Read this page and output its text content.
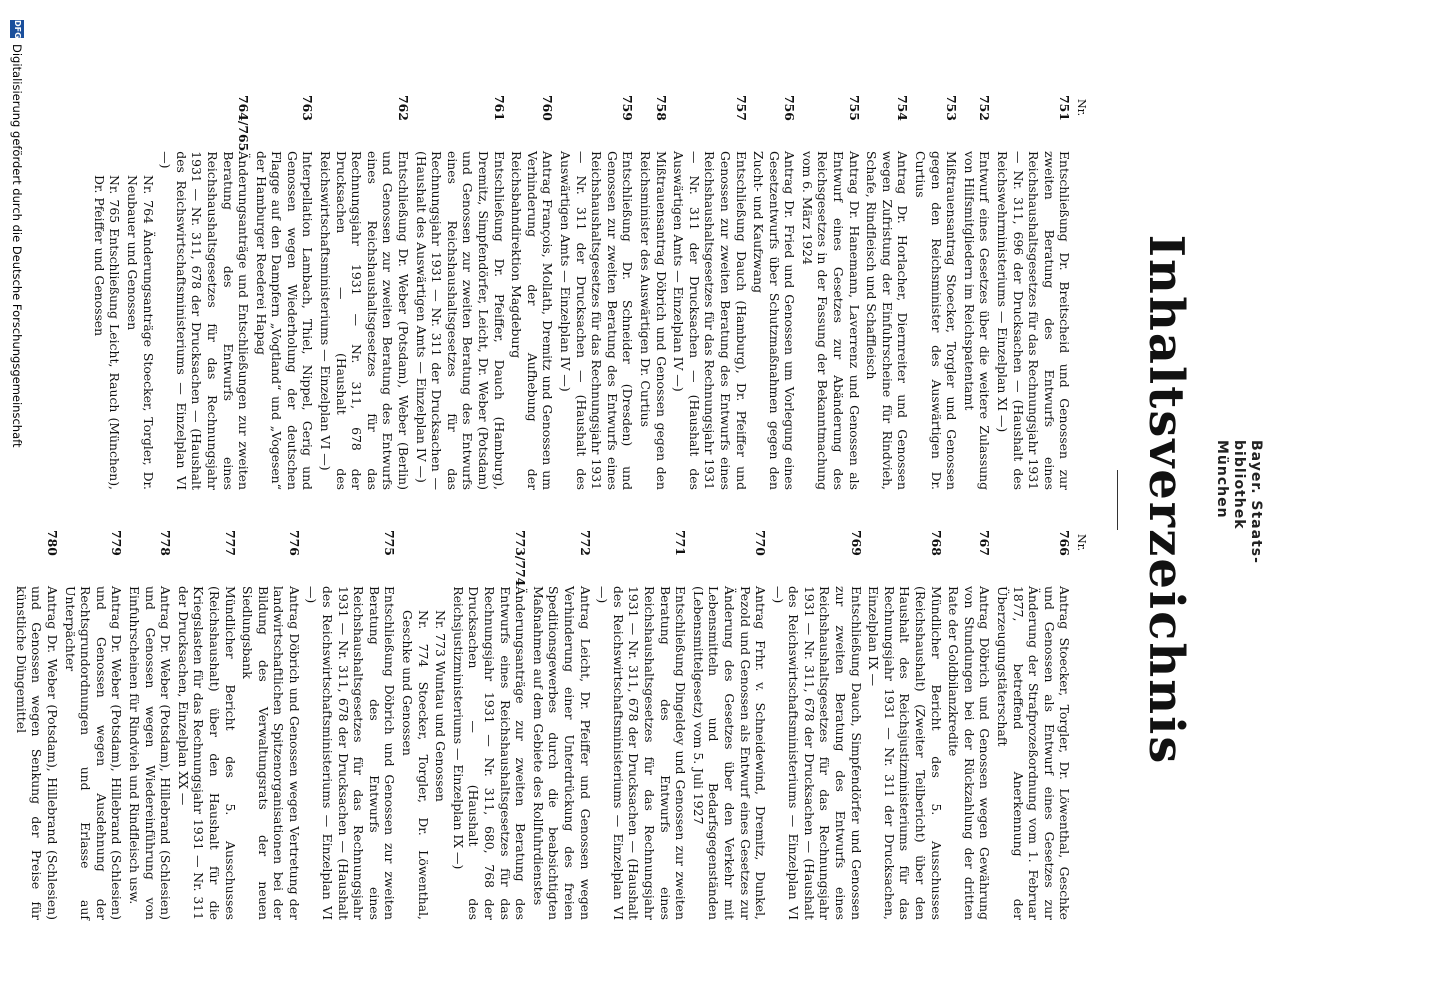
Bayer. Staats-
bibliothek
München
Inhaltsverzeichnis
Nr.
751
Entschließung Dr. Breitscheid und Genossen zur zweiten Beratung des Entwurfs eines Reichshaushaltsgesetzes für das Rechnungsjahr 1931 — Nr. 311, 696 der Drucksachen — (Haushalt des Reichswehrministeriums — Einzelplan XI —)
752
Entwurf eines Gesetzes über die weitere Zulassung von Hilfsmitgliedern im Reichspatentamt
753
Mißtrauensantrag Stoecker, Torgler und Genossen gegen den Reichsminister des Auswärtigen Dr. Curtius
754
Antrag Dr. Horlacher, Diernreiter und Genossen wegen Zufristung der Einfuhrscheine für Rindvieh, Schafe, Rindfleisch und Schaffleisch
755
Antrag Dr. Hanemann, Laverrenz und Genossen als Entwurf eines Gesetzes zur Abänderung des Reichsgesetzes in der Fassung der Bekanntmachung vom 6. März 1924
756
Antrag Dr. Fried und Genossen um Vorlegung eines Gesetzentwurfs über Schutzmaßnahmen gegen den Zucht- und Kaufzwang
757
Entschließung Dauch (Hamburg), Dr. Pfeiffer und Genossen zur zweiten Beratung des Entwurfs eines Reichshaushaltsgesetzes für das Rechnungsjahr 1931 — Nr. 311 der Drucksachen — (Haushalt des Auswärtigen Amts — Einzelplan IV —)
758
Mißtrauensantrag Döbrich und Genossen gegen den Reichsminister des Auswärtigen Dr. Curtius
759
Entschließung Dr. Schneider (Dresden) und Genossen zur zweiten Beratung des Entwurfs eines Reichshaushaltsgesetzes für das Rechnungsjahr 1931 — Nr. 311 der Drucksachen — (Haushalt des Auswärtigen Amts — Einzelplan IV —)
760
Antrag François, Mollath, Dremitz und Genossen um Verhinderung der Aufhebung der Reichsbahndirektion Magdeburg
761
Entschließung Dr. Pfeiffer, Dauch (Hamburg), Dremitz, Simpfendörfer, Leicht, Dr. Weber (Potsdam) und Genossen zur zweiten Beratung des Entwurfs eines Reichshaushaltsgesetzes für das Rechnungsjahr 1931 — Nr. 311 der Drucksachen — (Haushalt des Auswärtigen Amts — Einzelplan IV —)
762
Entschließung Dr. Weber (Potsdam), Weber (Berlin) und Genossen zur zweiten Beratung des Entwurfs eines Reichshaushaltsgesetzes für das Rechnungsjahr 1931 — Nr. 311, 678 der Drucksachen — (Haushalt des Reichswirtschaftsministeriums — Einzelplan VI —)
763
Interpellation Lambach, Thiel, Nippel, Gerig und Genossen wegen Wiederholung der deutschen Flagge auf den Dampfern „Vogtland“ und „Vogesen“ der Hamburger Reederei Hapag
764/765
Änderungsanträge und Entschließungen zur zweiten Beratung des Entwurfs eines Reichshaushaltsgesetzes für das Rechnungsjahr 1931 — Nr. 311, 678 der Drucksachen — (Haushalt des Reichswirtschaftsministeriums — Einzelplan VI —)
Nr. 764 Änderungsanträge Stoecker, Torgler, Dr. Neubauer und Genossen
Nr. 765 Entschließung Leicht, Rauch (München), Dr. Pfeiffer und Genossen
Nr.
766
Antrag Stoecker, Torgler, Dr. Löwenthal, Geschke und Genossen als Entwurf eines Gesetzes zur Änderung der Strafprozeßordnung vom 1. Februar 1877, betreffend Anerkennung der Überzeugungstäterschaft
767
Antrag Döbrich und Genossen wegen Gewährung von Stundungen bei der Rückzahlung der dritten Rate der Goldbilanzkredite
768
Mündlicher Bericht des 5. Ausschusses (Reichshaushalt) (Zweiter Teilbericht) über den Haushalt des Reichsjustizministeriums für das Rechnungsjahr 1931 — Nr. 311 der Drucksachen, Einzelplan IX —
769
Entschließung Dauch, Simpfendörfer und Genossen zur zweiten Beratung des Entwurfs eines Reichshaushaltsgesetzes für das Rechnungsjahr 1931 — Nr. 311, 678 der Drucksachen — (Haushalt des Reichswirtschaftsministeriums — Einzelplan VI —)
770
Antrag Frhr. v. Schneidewind, Dremitz, Dunkel, Pezold und Genossen als Entwurf eines Gesetzes zur Änderung des Gesetzes über den Verkehr mit Lebensmitteln und Bedarfsgegenständen (Lebensmittelgesetz) vom 5. Juli 1927
771
Entschließung Dingeldey und Genossen zur zweiten Beratung des Entwurfs eines Reichshaushaltsgesetzes für das Rechnungsjahr 1931 — Nr. 311, 678 der Drucksachen — (Haushalt des Reichswirtschaftsministeriums — Einzelplan VI —)
772
Antrag Leicht, Dr. Pfeiffer und Genossen wegen Verhinderung einer Unterdrückung des freien Speditionsgewerbes durch die beabsichtigten Maßnahmen auf dem Gebiete des Rollfuhrdienstes
773/774
Änderungsanträge zur zweiten Beratung des Entwurfs eines Reichshaushaltsgesetzes für das Rechnungsjahr 1931 — Nr. 311, 680, 768 der Drucksachen — (Haushalt des Reichsjustizministeriums — Einzelplan IX —)
Nr. 773 Wuntau und Genossen
Nr. 774 Stoecker, Torgler, Dr. Löwenthal, Geschke und Genossen
775
Entschließung Döbrich und Genossen zur zweiten Beratung des Entwurfs eines Reichshaushaltsgesetzes für das Rechnungsjahr 1931 — Nr. 311, 678 der Drucksachen — (Haushalt des Reichswirtschaftsministeriums — Einzelplan VI —)
776
Antrag Döbrich und Genossen wegen Vertretung der landwirtschaftlichen Spitzenorganisationen bei der Bildung des Verwaltungsrats der neuen Siedlungsbank
777
Mündlicher Bericht des 5. Ausschusses (Reichshaushalt) über den Haushalt für die Kriegslasten für das Rechnungsjahr 1931 — Nr. 311 der Drucksachen, Einzelplan XX —
778
Antrag Dr. Weber (Potsdam), Hillebrand (Schlesien) und Genossen wegen Wiedereinführung von Einfuhrscheinen für Rindvieh und Rindfleisch usw.
779
Antrag Dr. Weber (Potsdam), Hillebrand (Schlesien) und Genossen wegen Ausdehnung der Rechtsgrundordnungen und Erlasse auf Unterpächter
780
Antrag Dr. Weber (Potsdam), Hillebrand (Schlesien) und Genossen wegen Senkung der Preise für künstliche Düngemittel
DFG
Digitalisierung gefördert durch die Deutsche Forschungsgemeinschaft
